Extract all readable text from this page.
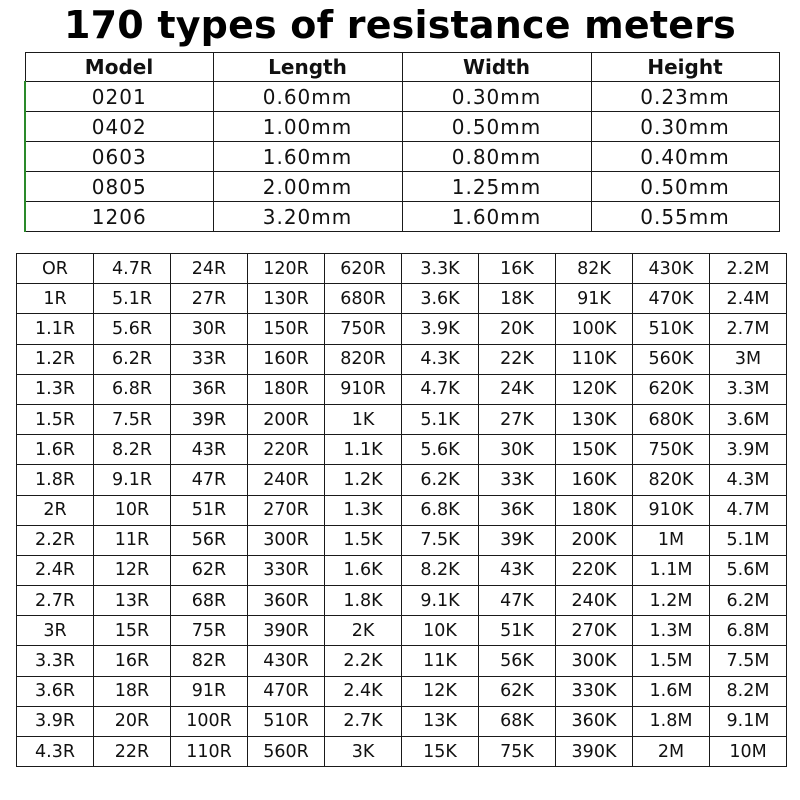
170 types of resistance meters
Model	Length	Width	Height
0201	0.60mm	0.30mm	0.23mm
0402	1.00mm	0.50mm	0.30mm
0603	1.60mm	0.80mm	0.40mm
0805	2.00mm	1.25mm	0.50mm
1206	3.20mm	1.60mm	0.55mm
OR	4.7R	24R	120R	620R	3.3K	16K	82K	430K	2.2M
1R	5.1R	27R	130R	680R	3.6K	18K	91K	470K	2.4M
1.1R	5.6R	30R	150R	750R	3.9K	20K	100K	510K	2.7M
1.2R	6.2R	33R	160R	820R	4.3K	22K	110K	560K	3M
1.3R	6.8R	36R	180R	910R	4.7K	24K	120K	620K	3.3M
1.5R	7.5R	39R	200R	1K	5.1K	27K	130K	680K	3.6M
1.6R	8.2R	43R	220R	1.1K	5.6K	30K	150K	750K	3.9M
1.8R	9.1R	47R	240R	1.2K	6.2K	33K	160K	820K	4.3M
2R	10R	51R	270R	1.3K	6.8K	36K	180K	910K	4.7M
2.2R	11R	56R	300R	1.5K	7.5K	39K	200K	1M	5.1M
2.4R	12R	62R	330R	1.6K	8.2K	43K	220K	1.1M	5.6M
2.7R	13R	68R	360R	1.8K	9.1K	47K	240K	1.2M	6.2M
3R	15R	75R	390R	2K	10K	51K	270K	1.3M	6.8M
3.3R	16R	82R	430R	2.2K	11K	56K	300K	1.5M	7.5M
3.6R	18R	91R	470R	2.4K	12K	62K	330K	1.6M	8.2M
3.9R	20R	100R	510R	2.7K	13K	68K	360K	1.8M	9.1M
4.3R	22R	110R	560R	3K	15K	75K	390K	2M	10M
